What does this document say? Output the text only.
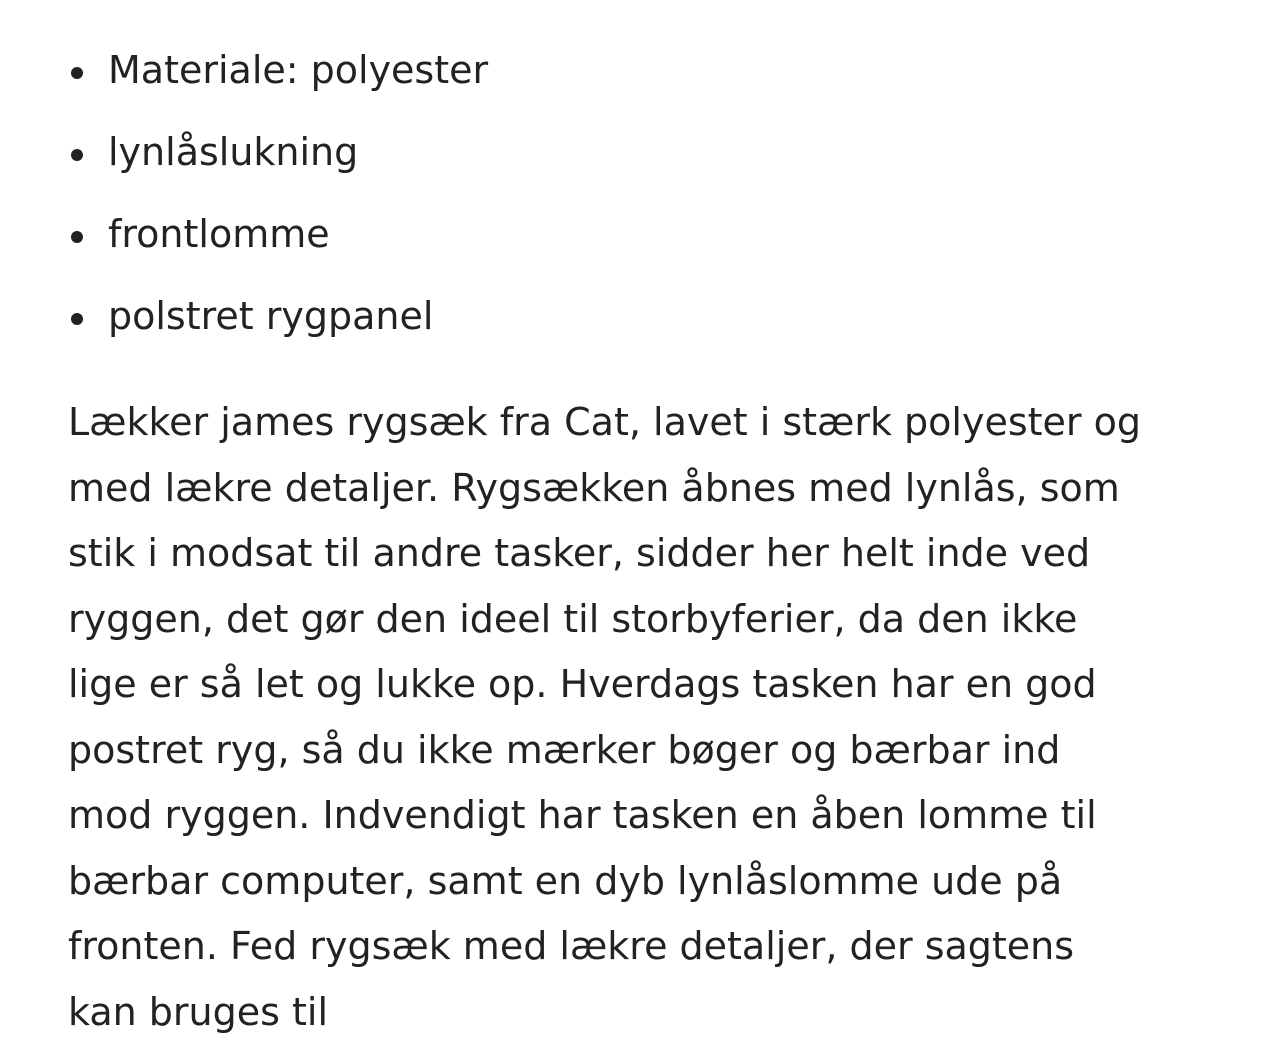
Materiale: polyester
lynlåslukning
frontlomme
polstret rygpanel

Lækker james rygsæk fra Cat, lavet i stærk polyester og med lækre detaljer. Rygsækken åbnes med lynlås, som stik i modsat til andre tasker, sidder her helt inde ved ryggen, det gør den ideel til storbyferier, da den ikke lige er så let og lukke op. Hverdags tasken har en god postret ryg, så du ikke mærker bøger og bærbar ind mod ryggen. Indvendigt har tasken en åben lomme til bærbar computer, samt en dyb lynlåslomme ude på fronten. Fed rygsæk med lækre detaljer, der sagtens kan bruges til
